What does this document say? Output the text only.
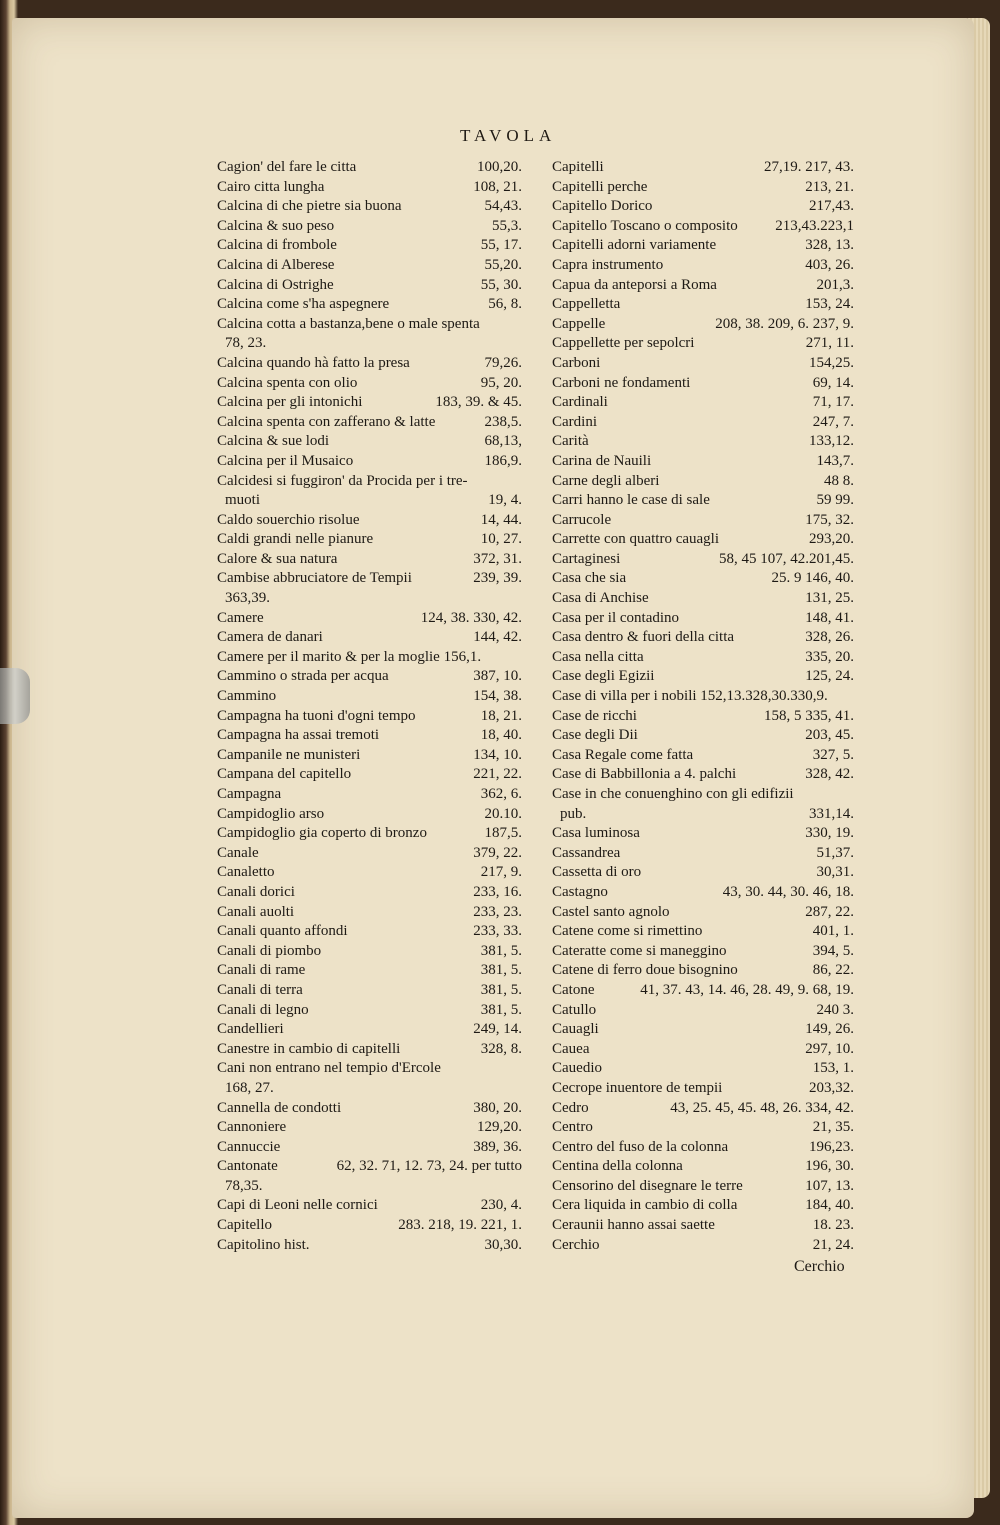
TAVOLA
Cagion' del fare le citta	100,20.
Cairo citta lungha	108, 21.
Calcina di che pietre sia buona	54,43.
Calcina & suo peso	55,3.
Calcina di frombole	55, 17.
Calcina di Alberese	55,20.
Calcina di Ostrighe	55, 30.
Calcina come s'ha aspegnere	56, 8.
Calcina cotta a bastanza,bene o male spenta
78, 23.
Calcina quando hà fatto la presa	79,26.
Calcina spenta con olio	95, 20.
Calcina per gli intonichi	183, 39. & 45.
Calcina spenta con zafferano & latte	238,5.
Calcina & sue lodi	68,13,
Calcina per il Musaico	186,9.
Calcidesi si fuggiron' da Procida per i tre-
muoti	19, 4.
Caldo souerchio risolue	14, 44.
Caldi grandi nelle pianure	10, 27.
Calore & sua natura	372, 31.
Cambise abbruciatore de Tempii	239, 39.
363,39.
Camere	124, 38. 330, 42.
Camera de danari	144, 42.
Camere per il marito & per la moglie 156,1.
Cammino o strada per acqua	387, 10.
Cammino	154, 38.
Campagna ha tuoni d'ogni tempo	18, 21.
Campagna ha assai tremoti	18, 40.
Campanile ne munisteri	134, 10.
Campana del capitello	221, 22.
Campagna	362, 6.
Campidoglio arso	20.10.
Campidoglio gia coperto di bronzo	187,5.
Canale	379, 22.
Canaletto	217, 9.
Canali dorici	233, 16.
Canali auolti	233, 23.
Canali quanto affondi	233, 33.
Canali di piombo	381, 5.
Canali di rame	381, 5.
Canali di terra	381, 5.
Canali di legno	381, 5.
Candellieri	249, 14.
Canestre in cambio di capitelli	328, 8.
Cani non entrano nel tempio d'Ercole
168, 27.
Cannella de condotti	380, 20.
Cannoniere	129,20.
Cannuccie	389, 36.
Cantonate	62, 32. 71, 12. 73, 24. per tutto
78,35.
Capi di Leoni nelle cornici	230, 4.
Capitello	283. 218, 19. 221, 1.
Capitolino hist.	30,30.
Capitelli	27,19. 217, 43.
Capitelli perche	213, 21.
Capitello Dorico	217,43.
Capitello Toscano o composito	213,43.223,1
Capitelli adorni variamente	328, 13.
Capra instrumento	403, 26.
Capua da anteporsi a Roma	201,3.
Cappelletta	153, 24.
Cappelle	208, 38. 209, 6. 237, 9.
Cappellette per sepolcri	271, 11.
Carboni	154,25.
Carboni ne fondamenti	69, 14.
Cardinali	71, 17.
Cardini	247, 7.
Carità	133,12.
Carina de Nauili	143,7.
Carne degli alberi	48 8.
Carri hanno le case di sale	59 99.
Carrucole	175, 32.
Carrette con quattro cauagli	293,20.
Cartaginesi	58, 45 107, 42.201,45.
Casa che sia	25. 9 146, 40.
Casa di Anchise	131, 25.
Casa per il contadino	148, 41.
Casa dentro & fuori della citta	328, 26.
Casa nella citta	335, 20.
Case degli Egizii	125, 24.
Case di villa per i nobili 152,13.328,30.330,9.
Case de ricchi	158, 5 335, 41.
Case degli Dii	203, 45.
Casa Regale come fatta	327, 5.
Case di Babbillonia a 4. palchi	328, 42.
Case in che conuenghino con gli edifizii
pub.	331,14.
Casa luminosa	330, 19.
Cassandrea	51,37.
Cassetta di oro	30,31.
Castagno	43, 30. 44, 30. 46, 18.
Castel santo agnolo	287, 22.
Catene come si rimettino	401, 1.
Cateratte come si maneggino	394, 5.
Catene di ferro doue bisognino	86, 22.
Catone	41, 37. 43, 14. 46, 28. 49, 9. 68, 19.
Catullo	240 3.
Cauagli	149, 26.
Cauea	297, 10.
Cauedio	153, 1.
Cecrope inuentore de tempii	203,32.
Cedro	43, 25. 45, 45. 48, 26. 334, 42.
Centro	21, 35.
Centro del fuso de la colonna	196,23.
Centina della colonna	196, 30.
Censorino del disegnare le terre	107, 13.
Cera liquida in cambio di colla	184, 40.
Ceraunii hanno assai saette	18. 23.
Cerchio	21, 24.
Cerchio
